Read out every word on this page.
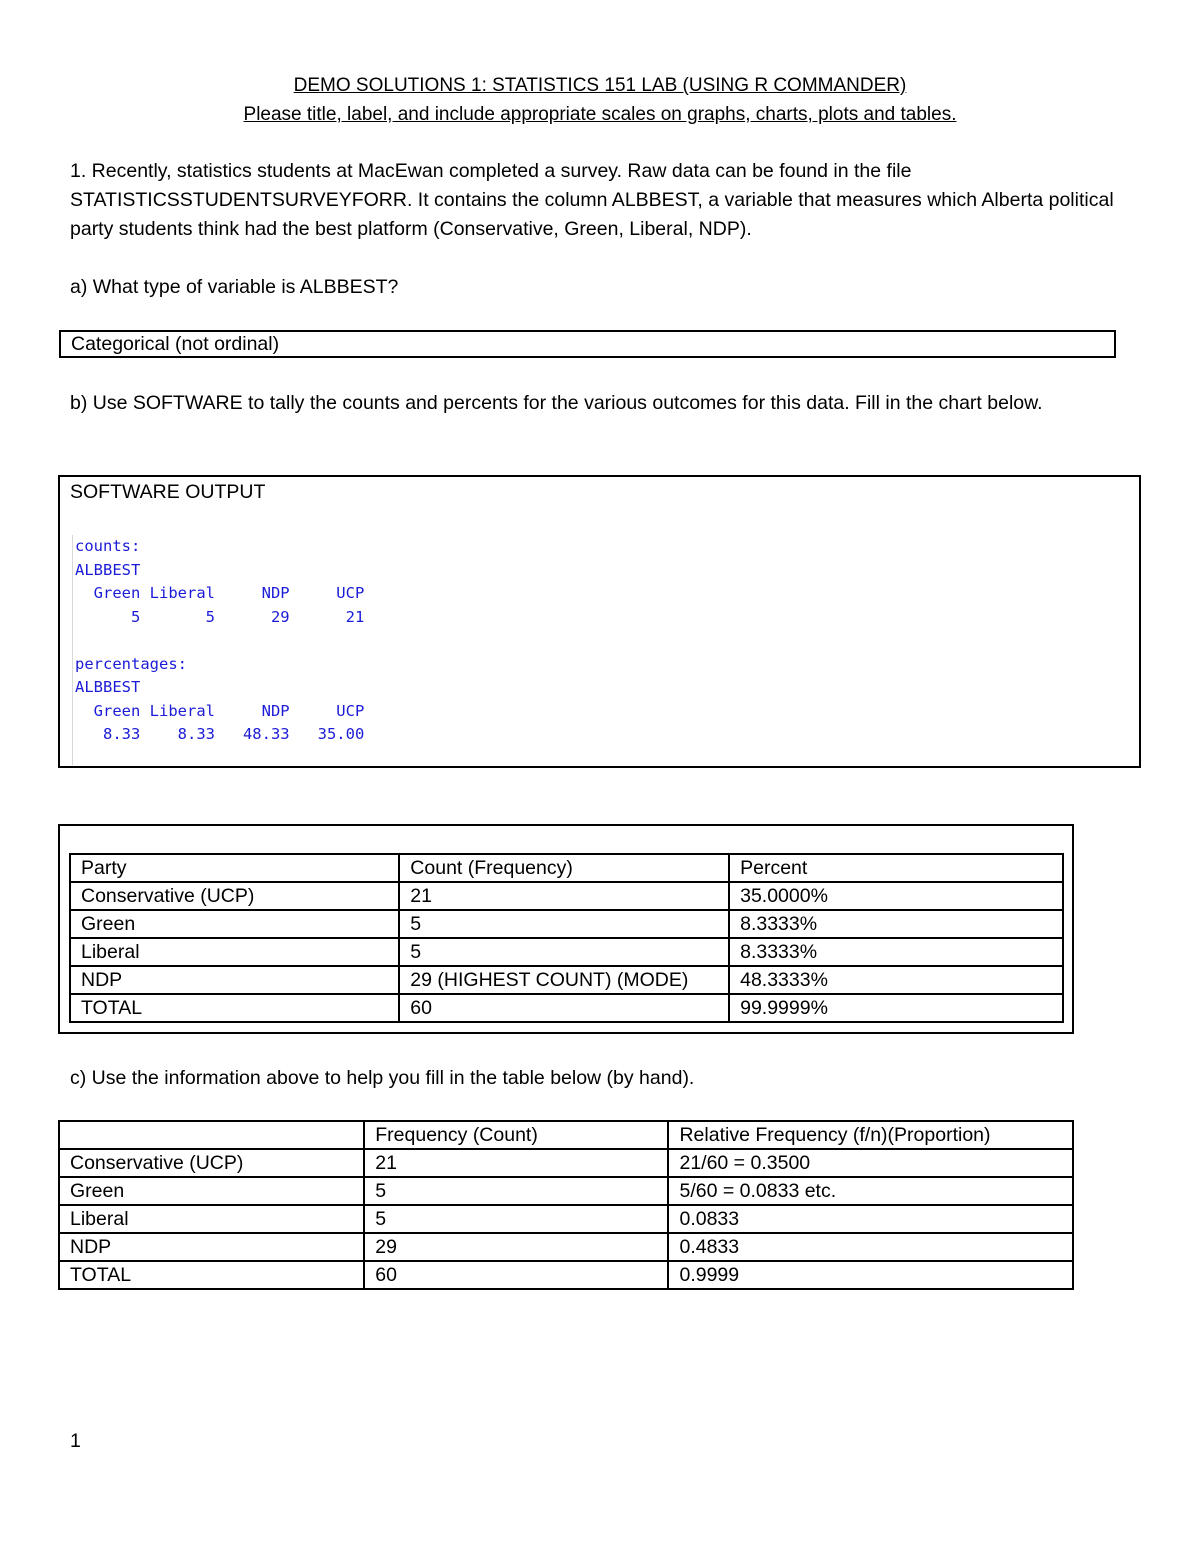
DEMO SOLUTIONS 1: STATISTICS 151 LAB (USING R COMMANDER)
Please title, label, and include appropriate scales on graphs, charts, plots and tables.
1. Recently, statistics students at MacEwan completed a survey. Raw data can be found in the file STATISTICSSTUDENTSURVEYFORR. It contains the column ALBBEST, a variable that measures which Alberta political party students think had the best platform (Conservative, Green, Liberal, NDP).
a) What type of variable is ALBBEST?
Categorical (not ordinal)
b) Use SOFTWARE to tally the counts and percents for the various outcomes for this data. Fill in the chart below.
SOFTWARE OUTPUT
counts:
ALBBEST
Green Liberal     NDP     UCP
5       5      29      21
percentages:
ALBBEST
Green Liberal     NDP     UCP
8.33    8.33   48.33   35.00
Party	Count (Frequency)	Percent
Conservative (UCP)	21	35.0000%
Green	5	8.3333%
Liberal	5	8.3333%
NDP	29 (HIGHEST COUNT) (MODE)	48.3333%
TOTAL	60	99.9999%
c) Use the information above to help you fill in the table below (by hand).
	Frequency (Count)	Relative Frequency (f/n)(Proportion)
Conservative (UCP)	21	21/60 = 0.3500
Green	5	5/60 = 0.0833 etc.
Liberal	5	0.0833
NDP	29	0.4833
TOTAL	60	0.9999
1
